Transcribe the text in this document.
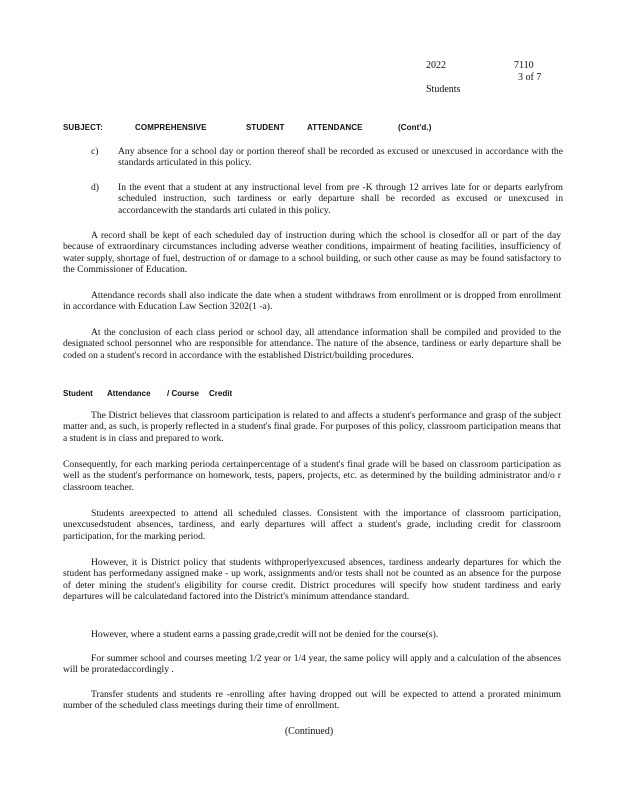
2022	7110
3 of 7
Students
SUBJECT:	COMPREHENSIVE	STUDENT	ATTENDANCE	(Cont'd.)
c) Any absence for a school day or portion thereof shall be recorded as excused or unexcused in accordance with the standards articulated in this policy.
d) In the event that a student at any instructional level from pre -K through 12 arrives late for or departs earlyfrom scheduled instruction, such tardiness or early departure shall be recorded as excused or unexcused in accordancewith the standards arti culated in this policy.

A record shall be kept of each scheduled day of instruction during which the school is closedfor all or part of the day because of extraordinary circumstances including adverse weather conditions, impairment of heating facilities, insufficiency of water supply, shortage of fuel, destruction of or damage to a school building, or such other cause as may be found satisfactory to the Commissioner of Education.

Attendance records shall also indicate the date when a student withdraws from enrollment or is dropped from enrollment in accordance with Education Law Section 3202(1 -a).

At the conclusion of each class period or school day, all attendance information shall be compiled and provided to the designated school personnel who are responsible for attendance. The nature of the absence, tardiness or early departure shall be coded on a student's record in accordance with the established District/building procedures.

Student Attendance / Course Credit

The District believes that classroom participation is related to and affects a student's performance and grasp of the subject matter and, as such, is properly reflected in a student's final grade. For purposes of this policy, classroom participation means that a student is in class and prepared to work.

Consequently, for each marking perioda certainpercentage of a student's final grade will be based on classroom participation as well as the student's performance on homework, tests, papers, projects, etc. as determined by the building administrator and/o r classroom teacher.

Students areexpected to attend all scheduled classes. Consistent with the importance of classroom participation, unexcusedstudent absences, tardiness, and early departures will affect a student's grade, including credit for classroom participation, for the marking period.

However, it is District policy that students withproperlyexcused absences, tardiness andearly departures for which the student has performedany assigned make - up work, assignments and/or tests shall not be counted as an absence for the purpose of deter mining the student's eligibility for course credit. District procedures will specify how student tardiness and early departures will be calculatedand factored into the District's minimum attendance standard.

However, where a student earns a passing grade,credit will not be denied for the course(s).

For summer school and courses meeting 1/2 year or 1/4 year, the same policy will apply and a calculation of the absences will be proratedaccordingly .

Transfer students and students re -enrolling after having dropped out will be expected to attend a prorated minimum number of the scheduled class meetings during their time of enrollment.

(Continued)
